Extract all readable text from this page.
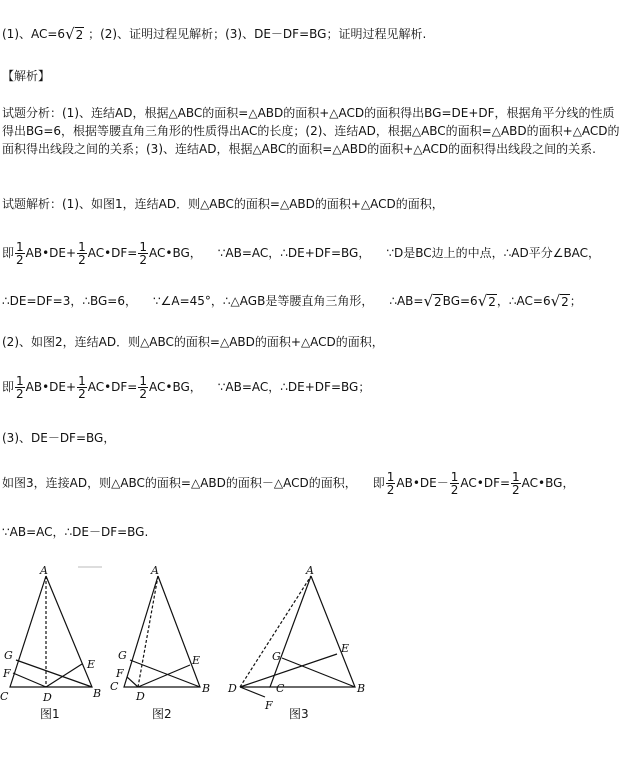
(1)、AC=6√2 ；(2)、证明过程见解析；(3)、DE－DF=BG；证明过程见解析.
【解析】
试题分析：(1)、连结AD，根据△ABC的面积=△ABD的面积+△ACD的面积得出BG=DE+DF，根据角平分线的性质得出BG=6，根据等腰直角三角形的性质得出AC的长度；(2)、连结AD，根据△ABC的面积=△ABD的面积+△ACD的面积得出线段之间的关系；(3)、连结AD，根据△ABC的面积=△ABD的面积+△ACD的面积得出线段之间的关系.
试题解析：(1)、如图1，连结AD．则△ABC的面积=△ABD的面积+△ACD的面积，
即 $\frac{1}{2}$ AB•DE+ $\frac{1}{2}$ AC•DF= $\frac{1}{2}$ AC•BG， ∵AB=AC，∴DE+DF=BG， ∵D是BC边上的中点，∴AD平分∠BAC，
∴DE=DF=3，∴BG=6， ∵∠A=45°，∴△AGB是等腰直角三角形， ∴AB=√2BG=6√2，∴AC=6√2；
(2)、如图2，连结AD．则△ABC的面积=△ABD的面积+△ACD的面积，
即 $\frac{1}{2}$ AB•DE+ $\frac{1}{2}$ AC•DF= $\frac{1}{2}$ AC•BG， ∵AB=AC，∴DE+DF=BG；
(3)、DE－DF=BG，
如图3，连接AD，则△ABC的面积=△ABD的面积－△ACD的面积， 即 $\frac{1}{2}$ AB•DE－ $\frac{1}{2}$ AC•DF= $\frac{1}{2}$ AC•BG，
∵AB=AC，∴DE－DF=BG.
A
G
F
E
C	D	B
图1
A
G
F
E
C
D
B
图2
A
G
E
D	C
F
B
图3
